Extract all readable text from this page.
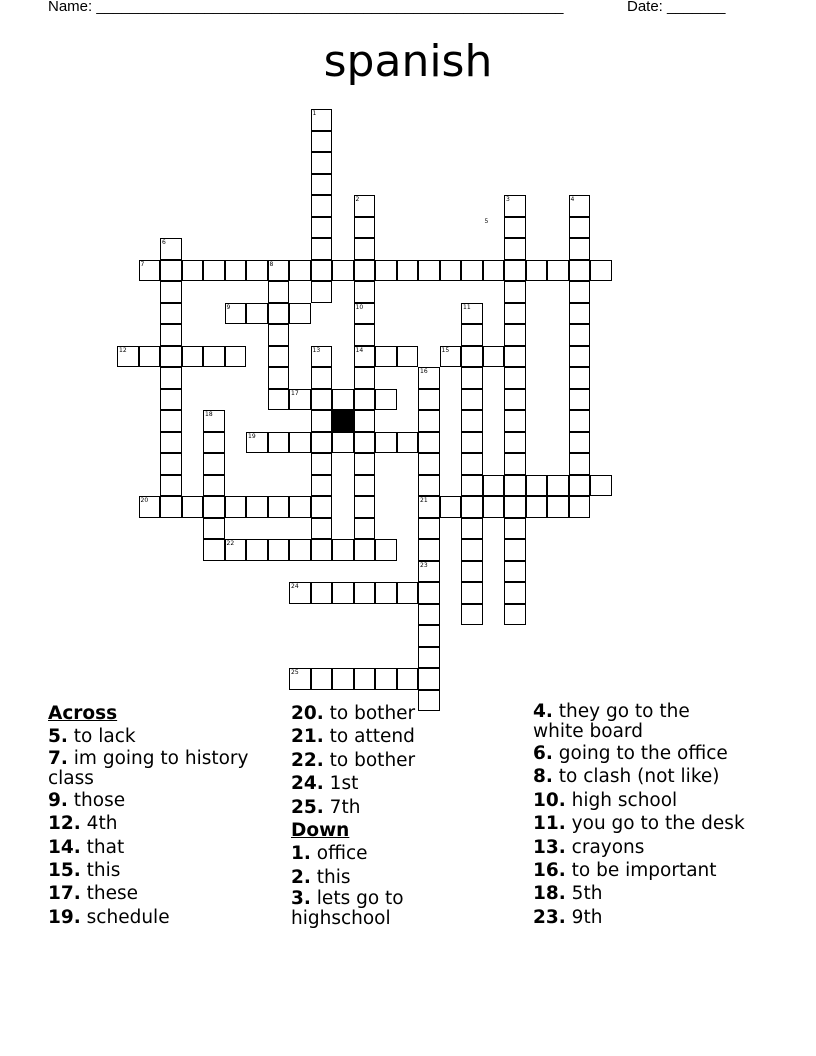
Name: ________________________________________________________	Date: _______
spanish
1
2	3	4
5
6
7	8
9	10	11
12	13	14	15
16
17
18
19
20	21
22
23
24
25
Across
5. to lack
7. im going to history class
9. those
12. 4th
14. that
15. this
17. these
19. schedule
20. to bother
21. to attend
22. to bother
24. 1st
25. 7th
Down
1. office
2. this
3. lets go to highschool
4. they go to the white board
6. going to the office
8. to clash (not like)
10. high school
11. you go to the desk
13. crayons
16. to be important
18. 5th
23. 9th
